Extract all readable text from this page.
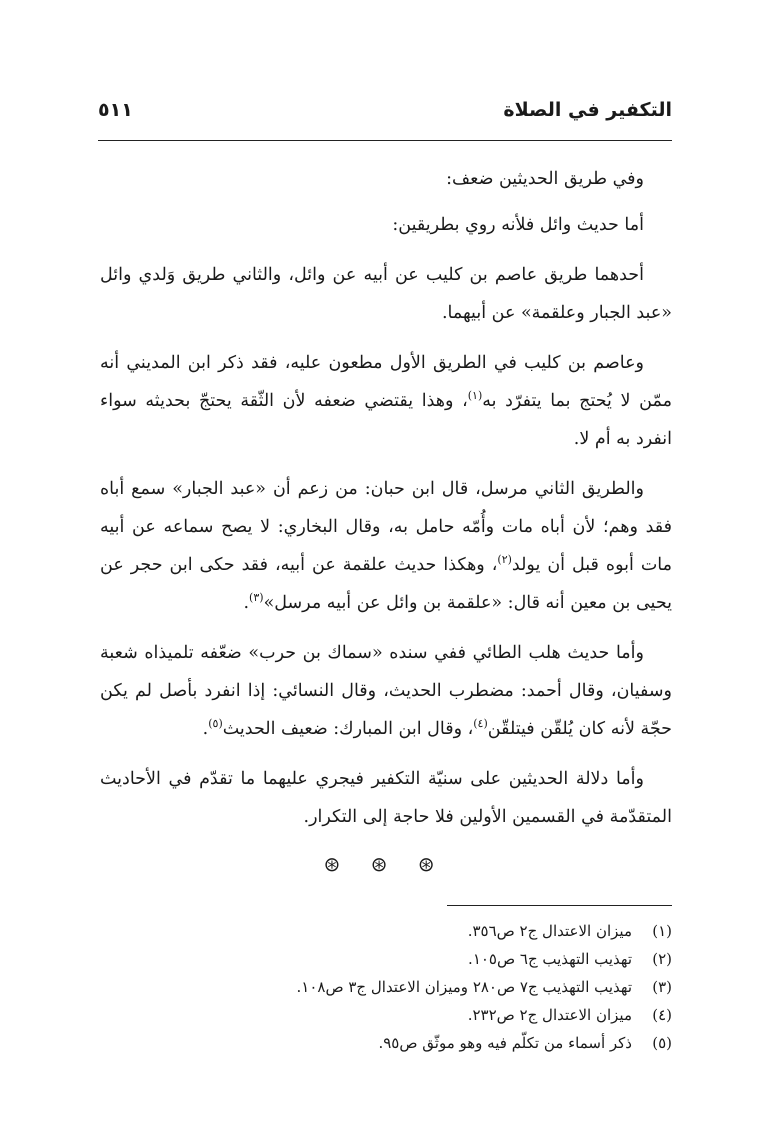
التكفير في الصلاة
٥١١

وفي طريق الحديثين ضعف:

أما حديث وائل فلأنه روي بطريقين:

أحدهما طريق عاصم بن كليب عن أبيه عن وائل، والثاني طريق وَلدي وائل «عبد الجبار وعلقمة» عن أبيهما.

وعاصم بن كليب في الطريق الأول مطعون عليه، فقد ذكر ابن المديني أنه ممّن لا يُحتج بما يتفرّد به$^{(١)}$، وهذا يقتضي ضعفه لأن الثّقة يحتجّ بحديثه سواء انفرد به أم لا.

والطريق الثاني مرسل، قال ابن حبان: من زعم أن «عبد الجبار» سمع أباه فقد وهم؛ لأن أباه مات وأُمّه حامل به، وقال البخاري: لا يصح سماعه عن أبيه مات أبوه قبل أن يولد$^{(٢)}$، وهكذا حديث علقمة عن أبيه، فقد حكى ابن حجر عن يحيى بن معين أنه قال: «علقمة بن وائل عن أبيه مرسل»$^{(٣)}$.

وأما حديث هلب الطائي ففي سنده «سماك بن حرب» ضعّفه تلميذاه شعبة وسفيان، وقال أحمد: مضطرب الحديث، وقال النسائي: إذا انفرد بأصل لم يكن حجّة لأنه كان يُلقّن فيتلقّن$^{(٤)}$، وقال ابن المبارك: ضعيف الحديث$^{(٥)}$.

وأما دلالة الحديثين على سنيّة التكفير فيجري عليهما ما تقدّم في الأحاديث المتقدّمة في القسمين الأولين فلا حاجة إلى التكرار.

⊛ ⊛ ⊛
(١)
ميزان الاعتدال ج٢ ص٣٥٦.
(٢)
تهذيب التهذيب ج٦ ص١٠٥.
(٣)
تهذيب التهذيب ج٧ ص٢٨٠ وميزان الاعتدال ج٣ ص١٠٨.
(٤)
ميزان الاعتدال ج٢ ص٢٣٢.
(٥)
ذكر أسماء من تكلّم فيه وهو موثّق ص٩٥.
